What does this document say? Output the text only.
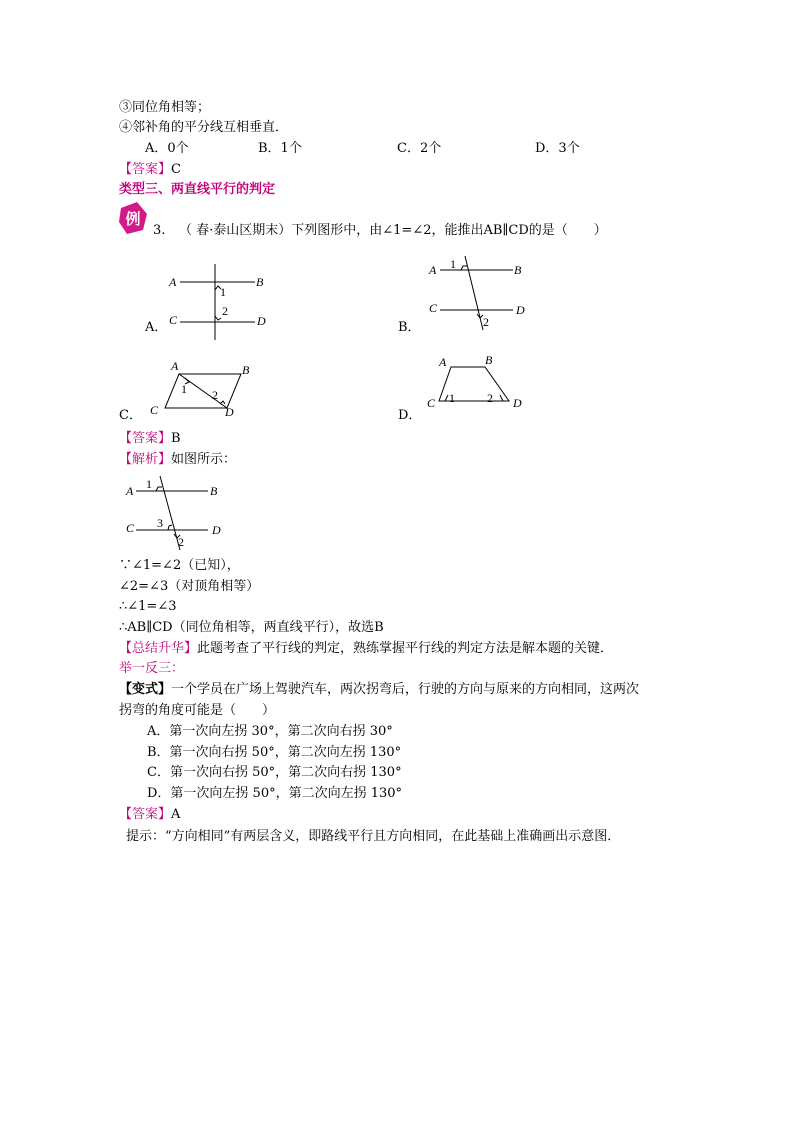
③同位角相等；
④邻补角的平分线互相垂直．
A．0个	B．1个	C．2个	D．3个
【答案】C
类型三、两直线平行的判定
例
3. （ 春·泰山区期末）下列图形中，由∠1=∠2，能推出AB∥CD的是（　　）
A．
A	B
C	D
1
2
B．
A	B
C	D
1
2
C．
A	B
C	D
1 2
D．
A	B
C	D
1	2
【答案】B
【解析】如图所示：
A	B
C	D
1
3
2
∵∠1=∠2（已知），
∠2=∠3（对顶角相等）
∴∠1=∠3
∴AB∥CD（同位角相等，两直线平行），故选B
【总结升华】此题考查了平行线的判定，熟练掌握平行线的判定方法是解本题的关键．
举一反三：
【变式】一个学员在广场上驾驶汽车，两次拐弯后，行驶的方向与原来的方向相同，这两次
拐弯的角度可能是（　　）
A．第一次向左拐 30°，第二次向右拐 30°
B．第一次向右拐 50°，第二次向左拐 130°
C．第一次向右拐 50°，第二次向右拐 130°
D．第一次向左拐 50°，第二次向左拐 130°
【答案】A
提示：“方向相同”有两层含义，即路线平行且方向相同，在此基础上准确画出示意图．
